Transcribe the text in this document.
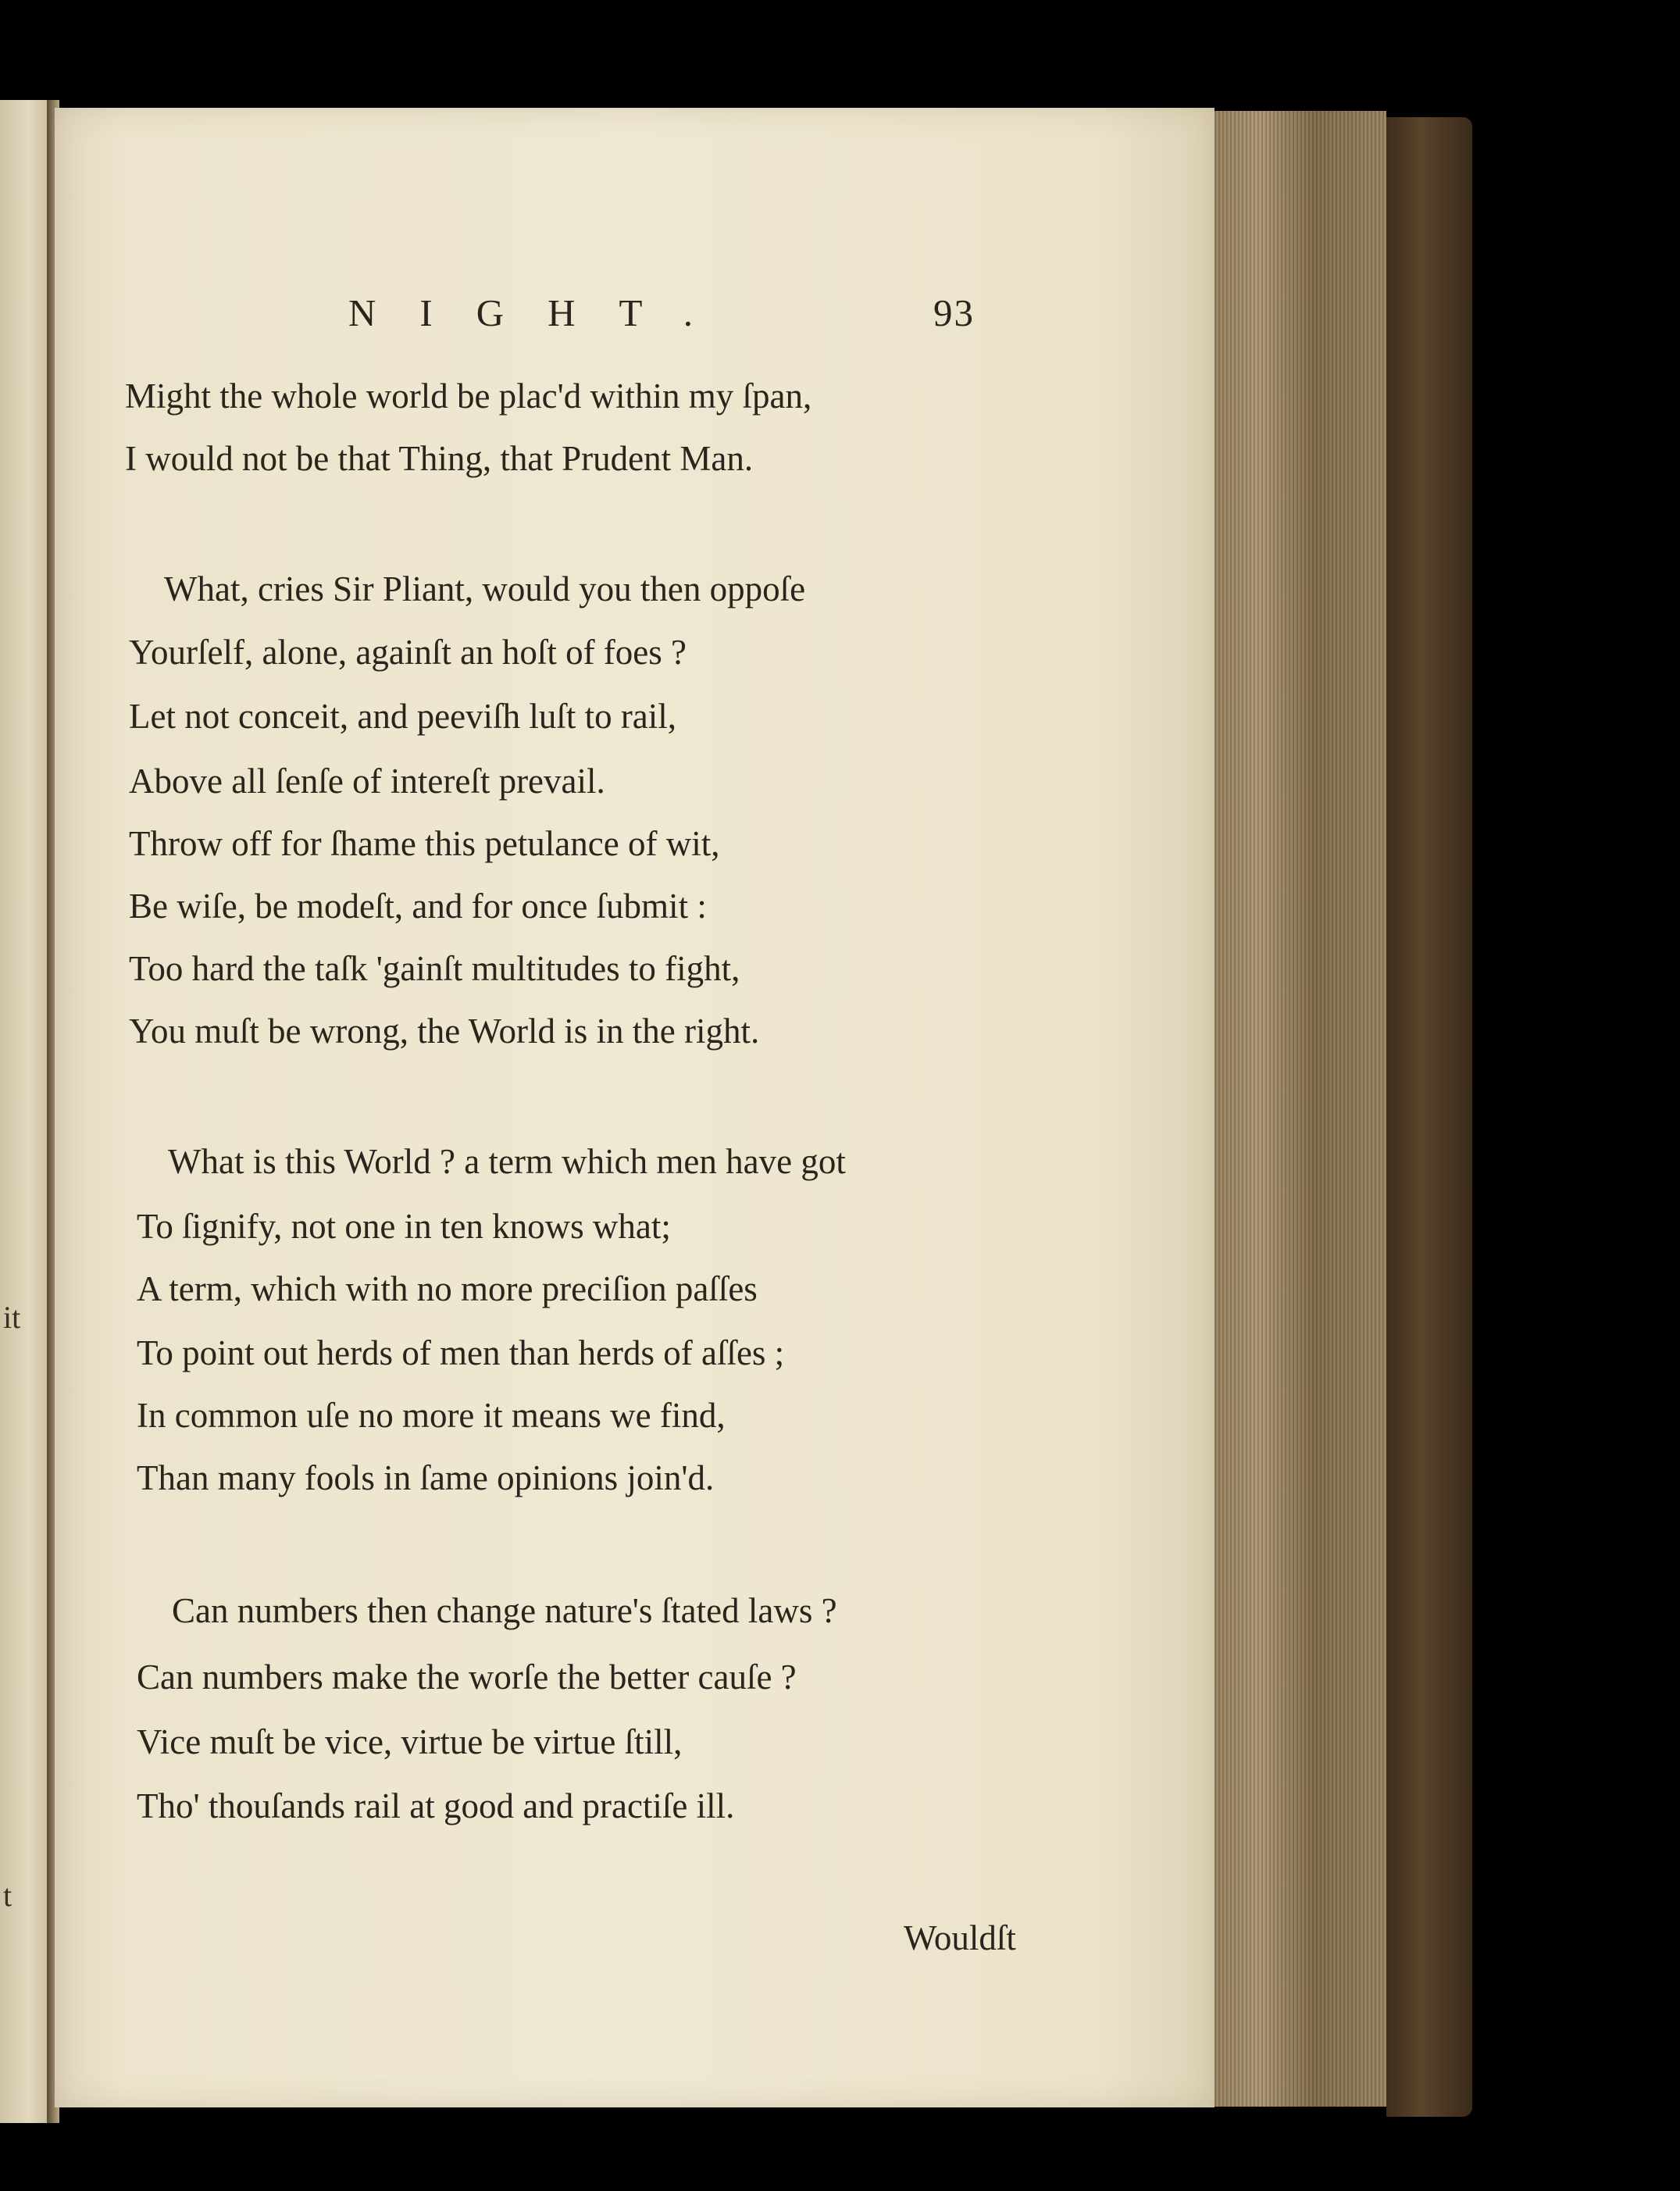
it
t
NIGHT.	93
Might the whole world be plac'd within my ſpan,
I would not be that Thing, that Prudent Man.
What, cries Sir Pliant, would you then oppoſe
Yourſelf, alone, againſt an hoſt of foes ?
Let not conceit, and peeviſh luſt to rail,
Above all ſenſe of intereſt prevail.
Throw off for ſhame this petulance of wit,
Be wiſe, be modeſt, and for once ſubmit :
Too hard the taſk 'gainſt multitudes to fight,
You muſt be wrong, the World is in the right.
What is this World ? a term which men have got
To ſignify, not one in ten knows what;
A term, which with no more preciſion paſſes
To point out herds of men than herds of aſſes ;
In common uſe no more it means we find,
Than many fools in ſame opinions join'd.
Can numbers then change nature's ſtated laws ?
Can numbers make the worſe the better cauſe ?
Vice muſt be vice, virtue be virtue ſtill,
Tho' thouſands rail at good and practiſe ill.
Wouldſt
